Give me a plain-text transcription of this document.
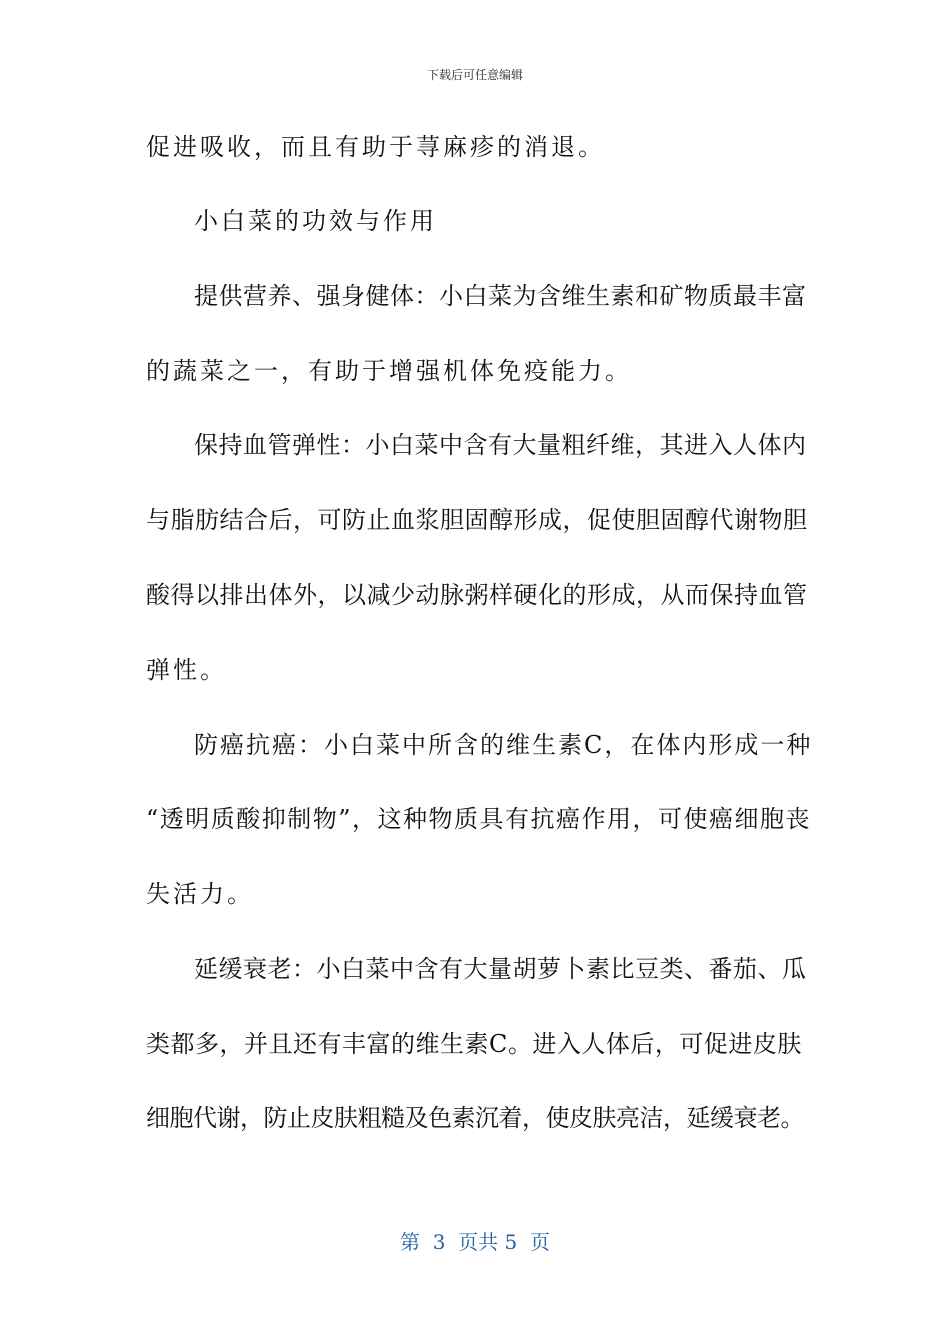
下载后可任意编辑
促进吸收，而且有助于荨麻疹的消退。
小白菜的功效与作用
提供营养、强身健体：小白菜为含维生素和矿物质最丰富
的蔬菜之一，有助于增强机体免疫能力。
保持血管弹性：小白菜中含有大量粗纤维，其进入人体内
与脂肪结合后，可防止血浆胆固醇形成，促使胆固醇代谢物胆
酸得以排出体外，以减少动脉粥样硬化的形成，从而保持血管
弹性。
防癌抗癌：小白菜中所含的维生素C，在体内形成一种
“透明质酸抑制物”，这种物质具有抗癌作用，可使癌细胞丧
失活力。
延缓衰老：小白菜中含有大量胡萝卜素比豆类、番茄、瓜
类都多，并且还有丰富的维生素C。进入人体后，可促进皮肤
细胞代谢，防止皮肤粗糙及色素沉着，使皮肤亮洁，延缓衰老。
第  3  页共 5  页
